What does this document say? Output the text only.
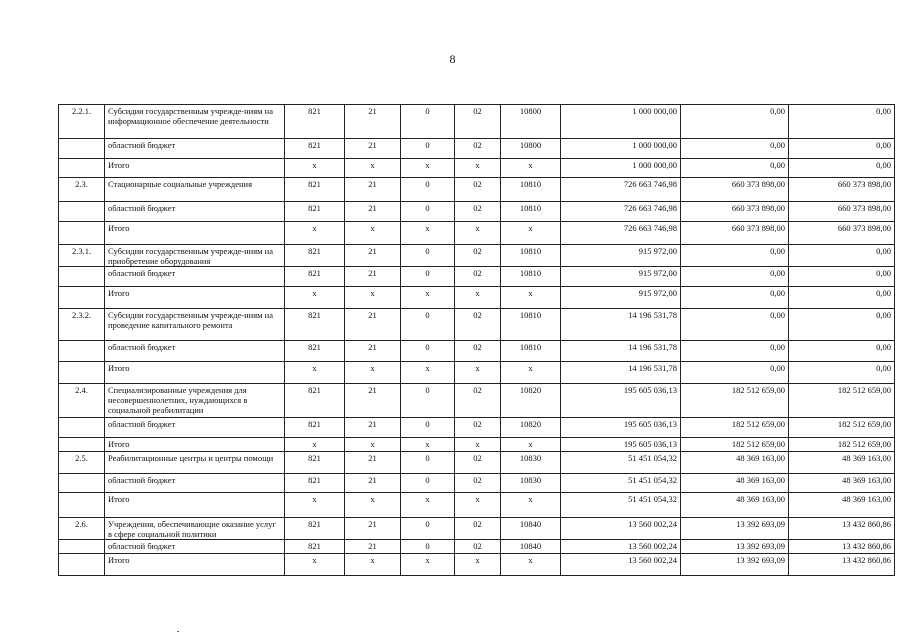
8
2.2.1.	Субсидии государственным учрежде-ниям на информационное обеспечение деятельности	821	21	0	02	10800	1 000 000,00	0,00	0,00
	областной бюджет	821	21	0	02	10800	1 000 000,00	0,00	0,00
	Итого	x	x	x	x	x	1 000 000,00	0,00	0,00
2.3.	Стационарные социальные учреждения	821	21	0	02	10810	726 663 746,98	660 373 898,00	660 373 898,00
	областной бюджет	821	21	0	02	10810	726 663 746,98	660 373 898,00	660 373 898,00
	Итого	x	x	x	x	x	726 663 746,98	660 373 898,00	660 373 898,00
2.3.1.	Субсидии государственным учрежде-ниям на приобретение оборудования	821	21	0	02	10810	915 972,00	0,00	0,00
	областной бюджет	821	21	0	02	10810	915 972,00	0,00	0,00
	Итого	x	x	x	x	x	915 972,00	0,00	0,00
2.3.2.	Субсидии государственным учрежде-ниям на проведение капитального ремонта	821	21	0	02	10810	14 196 531,78	0,00	0,00
	областной бюджет	821	21	0	02	10810	14 196 531,78	0,00	0,00
	Итого	x	x	x	x	x	14 196 531,78	0,00	0,00
2.4.	Специализированные учреждения для несовершеннолетних, нуждающихся в социальной реабилитации	821	21	0	02	10820	195 605 036,13	182 512 659,00	182 512 659,00
	областной бюджет	821	21	0	02	10820	195 605 036,13	182 512 659,00	182 512 659,00
	Итого	x	x	x	x	x	195 605 036,13	182 512 659,00	182 512 659,00
2.5.	Реабилитационные центры и центры помощи	821	21	0	02	10830	51 451 054,32	48 369 163,00	48 369 163,00
	областной бюджет	821	21	0	02	10830	51 451 054,32	48 369 163,00	48 369 163,00
	Итого	x	x	x	x	x	51 451 054,32	48 369 163,00	48 369 163,00
2.6.	Учреждения, обеспечивающие оказание услуг в сфере социальной политики	821	21	0	02	10840	13 560 002,24	13 392 693,09	13 432 860,86
	областной бюджет	821	21	0	02	10840	13 560 002,24	13 392 693,09	13 432 860,86
	Итого	x	x	x	x	x	13 560 002,24	13 392 693,09	13 432 860,86
